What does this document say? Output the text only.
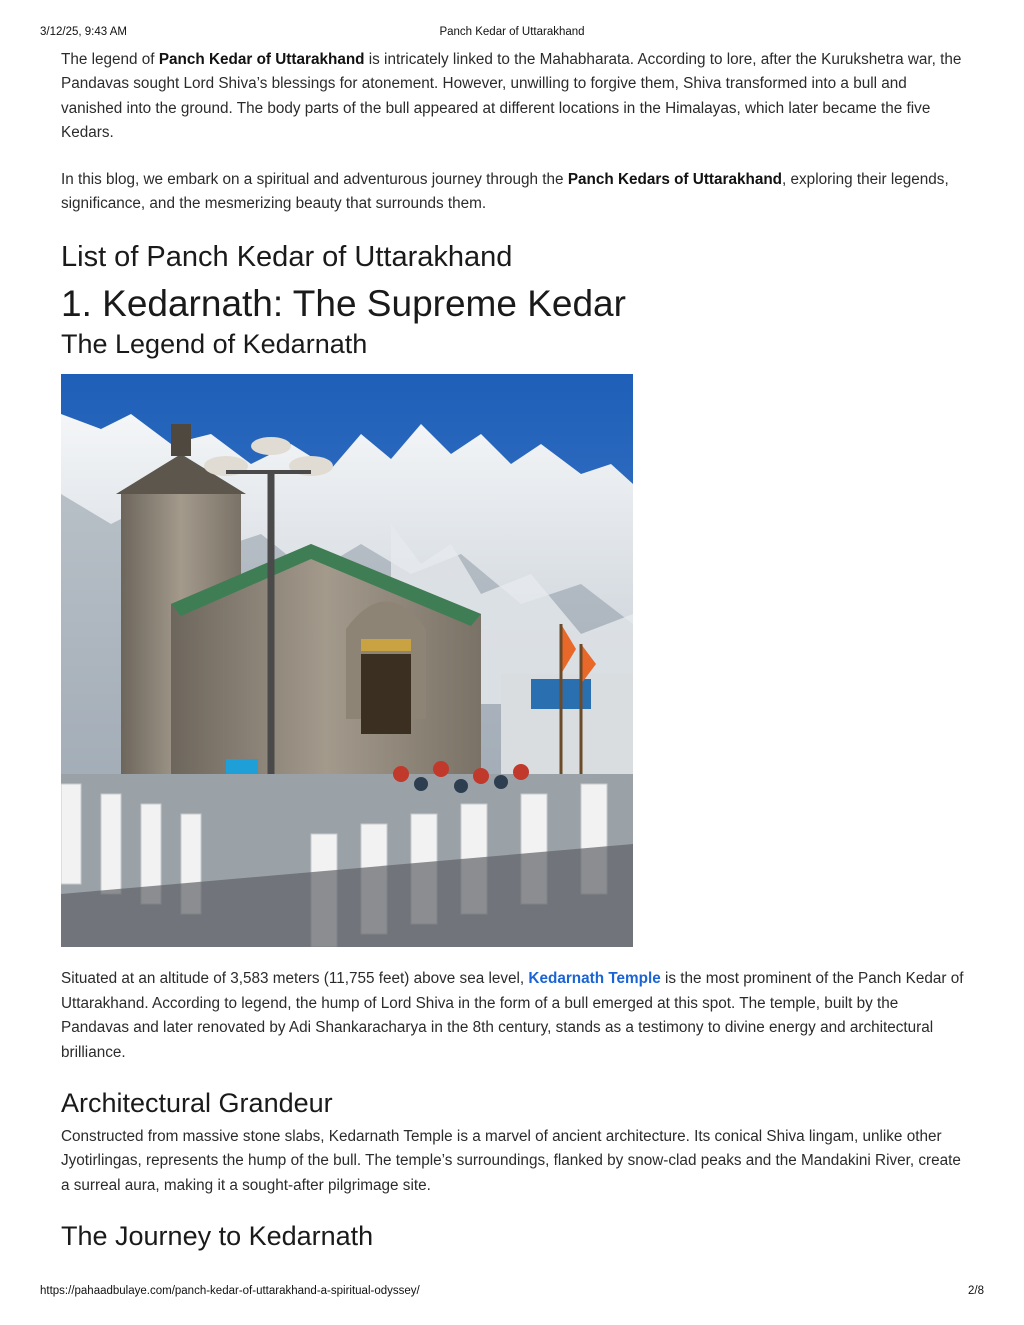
3/12/25, 9:43 AM	Panch Kedar of Uttarakhand

The legend of Panch Kedar of Uttarakhand is intricately linked to the Mahabharata. According to lore, after the Kurukshetra war, the Pandavas sought Lord Shiva’s blessings for atonement. However, unwilling to forgive them, Shiva transformed into a bull and vanished into the ground. The body parts of the bull appeared at different locations in the Himalayas, which later became the five Kedars.

In this blog, we embark on a spiritual and adventurous journey through the Panch Kedars of Uttarakhand, exploring their legends, significance, and the mesmerizing beauty that surrounds them.

List of Panch Kedar of Uttarakhand
1. Kedarnath: The Supreme Kedar
The Legend of Kedarnath

Situated at an altitude of 3,583 meters (11,755 feet) above sea level, Kedarnath Temple is the most prominent of the Panch Kedar of Uttarakhand. According to legend, the hump of Lord Shiva in the form of a bull emerged at this spot. The temple, built by the Pandavas and later renovated by Adi Shankaracharya in the 8th century, stands as a testimony to divine energy and architectural brilliance.

Architectural Grandeur

Constructed from massive stone slabs, Kedarnath Temple is a marvel of ancient architecture. Its conical Shiva lingam, unlike other Jyotirlingas, represents the hump of the bull. The temple’s surroundings, flanked by snow-clad peaks and the Mandakini River, create a surreal aura, making it a sought-after pilgrimage site.

The Journey to Kedarnath
https://pahaadbulaye.com/panch-kedar-of-uttarakhand-a-spiritual-odyssey/	2/8
